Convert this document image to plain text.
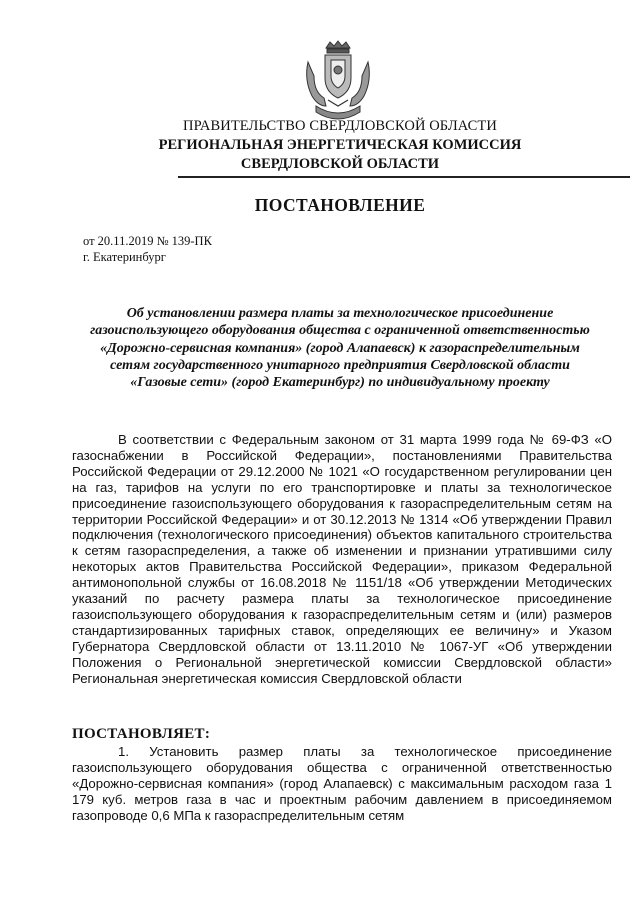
ПРАВИТЕЛЬСТВО СВЕРДЛОВСКОЙ ОБЛАСТИ
РЕГИОНАЛЬНАЯ ЭНЕРГЕТИЧЕСКАЯ КОМИССИЯ
СВЕРДЛОВСКОЙ ОБЛАСТИ
ПОСТАНОВЛЕНИЕ
от 20.11.2019 № 139-ПК
г. Екатеринбург
Об установлении размера платы за технологическое присоединение газоиспользующего оборудования общества с ограниченной ответственностью «Дорожно-сервисная компания» (город Алапаевск) к газораспределительным сетям государственного унитарного предприятия Свердловской области «Газовые сети» (город Екатеринбург) по индивидуальному проекту
В соответствии с Федеральным законом от 31 марта 1999 года № 69-ФЗ «О газоснабжении в Российской Федерации», постановлениями Правительства Российской Федерации от 29.12.2000 № 1021 «О государственном регулировании цен на газ, тарифов на услуги по его транспортировке и платы за технологическое присоединение газоиспользующего оборудования к газораспределительным сетям на территории Российской Федерации» и от 30.12.2013 № 1314 «Об утверждении Правил подключения (технологического присоединения) объектов капитального строительства к сетям газораспределения, а также об изменении и признании утратившими силу некоторых актов Правительства Российской Федерации», приказом Федеральной антимонопольной службы от 16.08.2018 № 1151/18 «Об утверждении Методических указаний по расчету размера платы за технологическое присоединение газоиспользующего оборудования к газораспределительным сетям и (или) размеров стандартизированных тарифных ставок, определяющих ее величину» и Указом Губернатора Свердловской области от 13.11.2010 № 1067-УГ «Об утверждении Положения о Региональной энергетической комиссии Свердловской области» Региональная энергетическая комиссия Свердловской области
ПОСТАНОВЛЯЕТ:
1. Установить размер платы за технологическое присоединение газоиспользующего оборудования общества с ограниченной ответственностью «Дорожно-сервисная компания» (город Алапаевск) с максимальным расходом газа 1 179 куб. метров газа в час и проектным рабочим давлением в присоединяемом газопроводе 0,6 МПа к газораспределительным сетям
